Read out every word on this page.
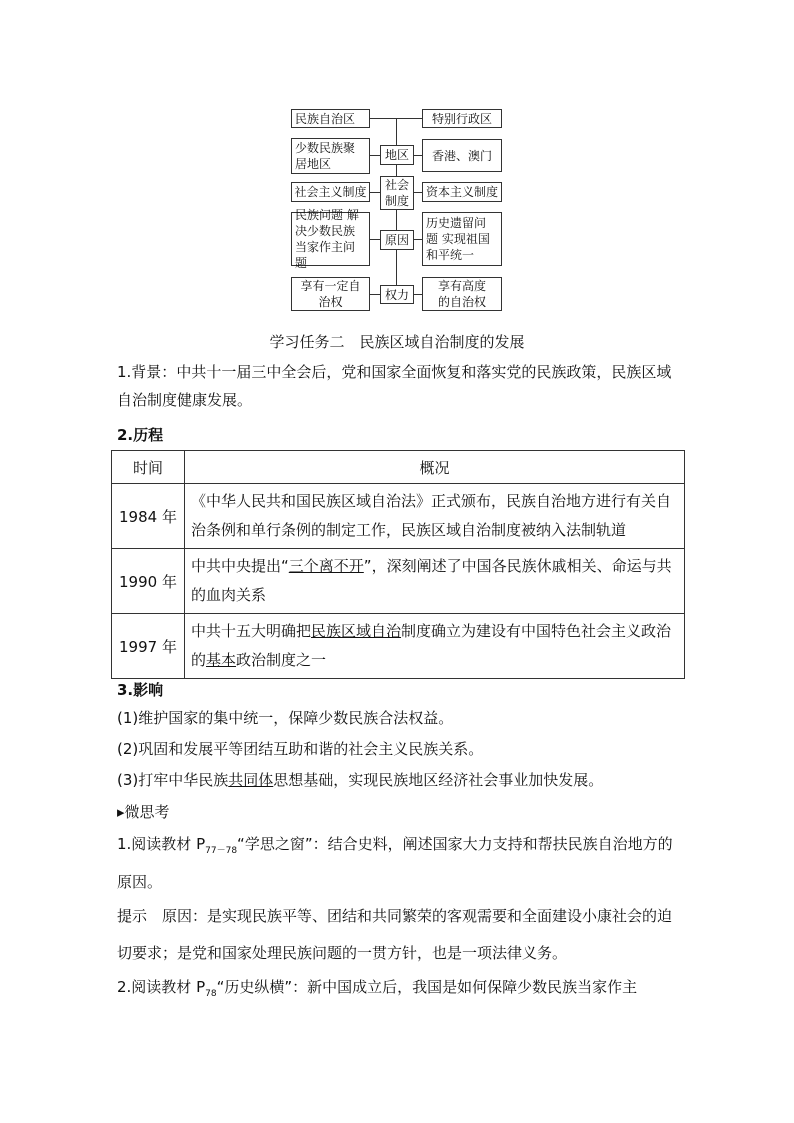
民族自治区
少数民族聚居地区
社会主义制度
民族问题 解决少数民族当家作主问题
享有一定自治权
地区
社会制度
原因
权力
特别行政区
香港、澳门
资本主义制度
历史遗留问题 实现祖国和平统一
享有高度的自治权
学习任务二　民族区域自治制度的发展
1.背景：中共十一届三中全会后，党和国家全面恢复和落实党的民族政策，民族区域自治制度健康发展。
2.历程
时间	概况
1984 年	《中华人民共和国民族区域自治法》正式颁布，民族自治地方进行有关自治条例和单行条例的制定工作，民族区域自治制度被纳入法制轨道
1990 年	中共中央提出“三个离不开”，深刻阐述了中国各民族休戚相关、命运与共的血肉关系
1997 年	中共十五大明确把民族区域自治制度确立为建设有中国特色社会主义政治的基本政治制度之一
3.影响
(1)维护国家的集中统一，保障少数民族合法权益。
(2)巩固和发展平等团结互助和谐的社会主义民族关系。
(3)打牢中华民族共同体思想基础，实现民族地区经济社会事业加快发展。
▸微思考
1.阅读教材 $P_{77-78}“$学思之窗”：结合史料，阐述国家大力支持和帮扶民族自治地方的原因。
提示　原因：是实现民族平等、团结和共同繁荣的客观需要和全面建设小康社会的迫切要求；是党和国家处理民族问题的一贯方针，也是一项法律义务。
2.阅读教材 $P_{78}“$历史纵横”：新中国成立后，我国是如何保障少数民族当家作主
